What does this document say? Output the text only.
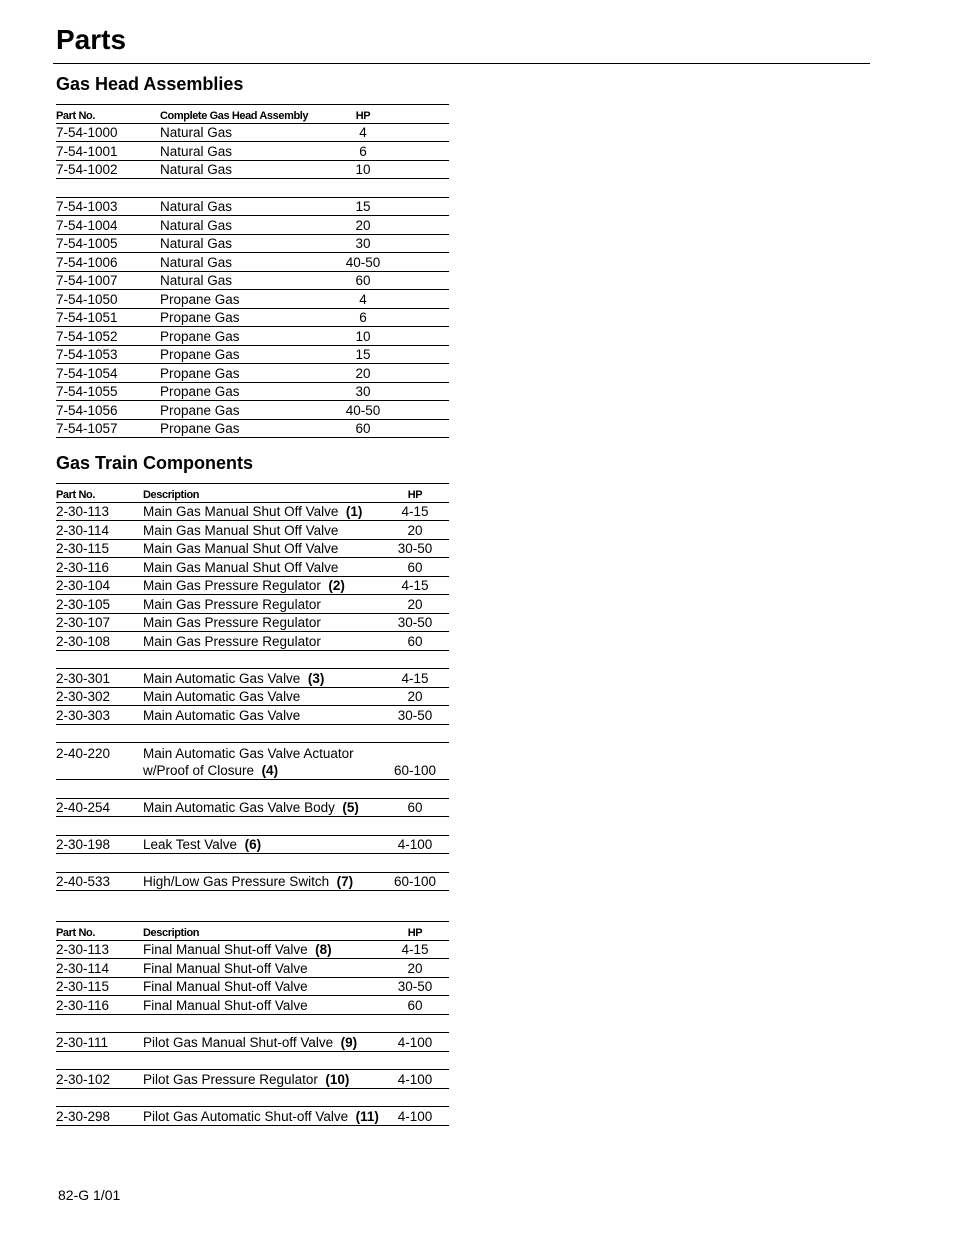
Parts
Gas Head Assemblies
Part No.	Complete Gas Head Assembly	HP
7-54-1000	Natural Gas	4
7-54-1001	Natural Gas	6
7-54-1002	Natural Gas	10
7-54-1003	Natural Gas	15
7-54-1004	Natural Gas	20
7-54-1005	Natural Gas	30
7-54-1006	Natural Gas	40-50
7-54-1007	Natural Gas	60
7-54-1050	Propane Gas	4
7-54-1051	Propane Gas	6
7-54-1052	Propane Gas	10
7-54-1053	Propane Gas	15
7-54-1054	Propane Gas	20
7-54-1055	Propane Gas	30
7-54-1056	Propane Gas	40-50
7-54-1057	Propane Gas	60
Gas Train Components
Part No.	Description	HP
2-30-113	Main Gas Manual Shut Off Valve (1)	4-15
2-30-114	Main Gas Manual Shut Off Valve	20
2-30-115	Main Gas Manual Shut Off Valve	30-50
2-30-116	Main Gas Manual Shut Off Valve	60
2-30-104 Main Gas Pressure Regulator (2)	4-15
2-30-105 Main Gas Pressure Regulator	20
2-30-107 Main Gas Pressure Regulator	30-50
2-30-108 Main Gas Pressure Regulator	60
2-30-301 Main Automatic Gas Valve (3)	4-15
2-30-302 Main Automatic Gas Valve	20
2-30-303 Main Automatic Gas Valve	30-50
2-40-220 Main Automatic Gas Valve Actuator
w/Proof of Closure (4)	60-100
2-40-254 Main Automatic Gas Valve Body (5)	60
2-30-198 Leak Test Valve (6)	4-100
2-40-533 High/Low Gas Pressure Switch (7)	60-100
Part No.	Description	HP
2-30-113	Final Manual Shut-off Valve (8)	4-15
2-30-114	Final Manual Shut-off Valve	20
2-30-115	Final Manual Shut-off Valve	30-50
2-30-116	Final Manual Shut-off Valve	60
2-30-111	Pilot Gas Manual Shut-off Valve (9)	4-100
2-30-102 Pilot Gas Pressure Regulator (10)	4-100
2-30-298 Pilot Gas Automatic Shut-off Valve (11)	4-100
82-G 1/01
